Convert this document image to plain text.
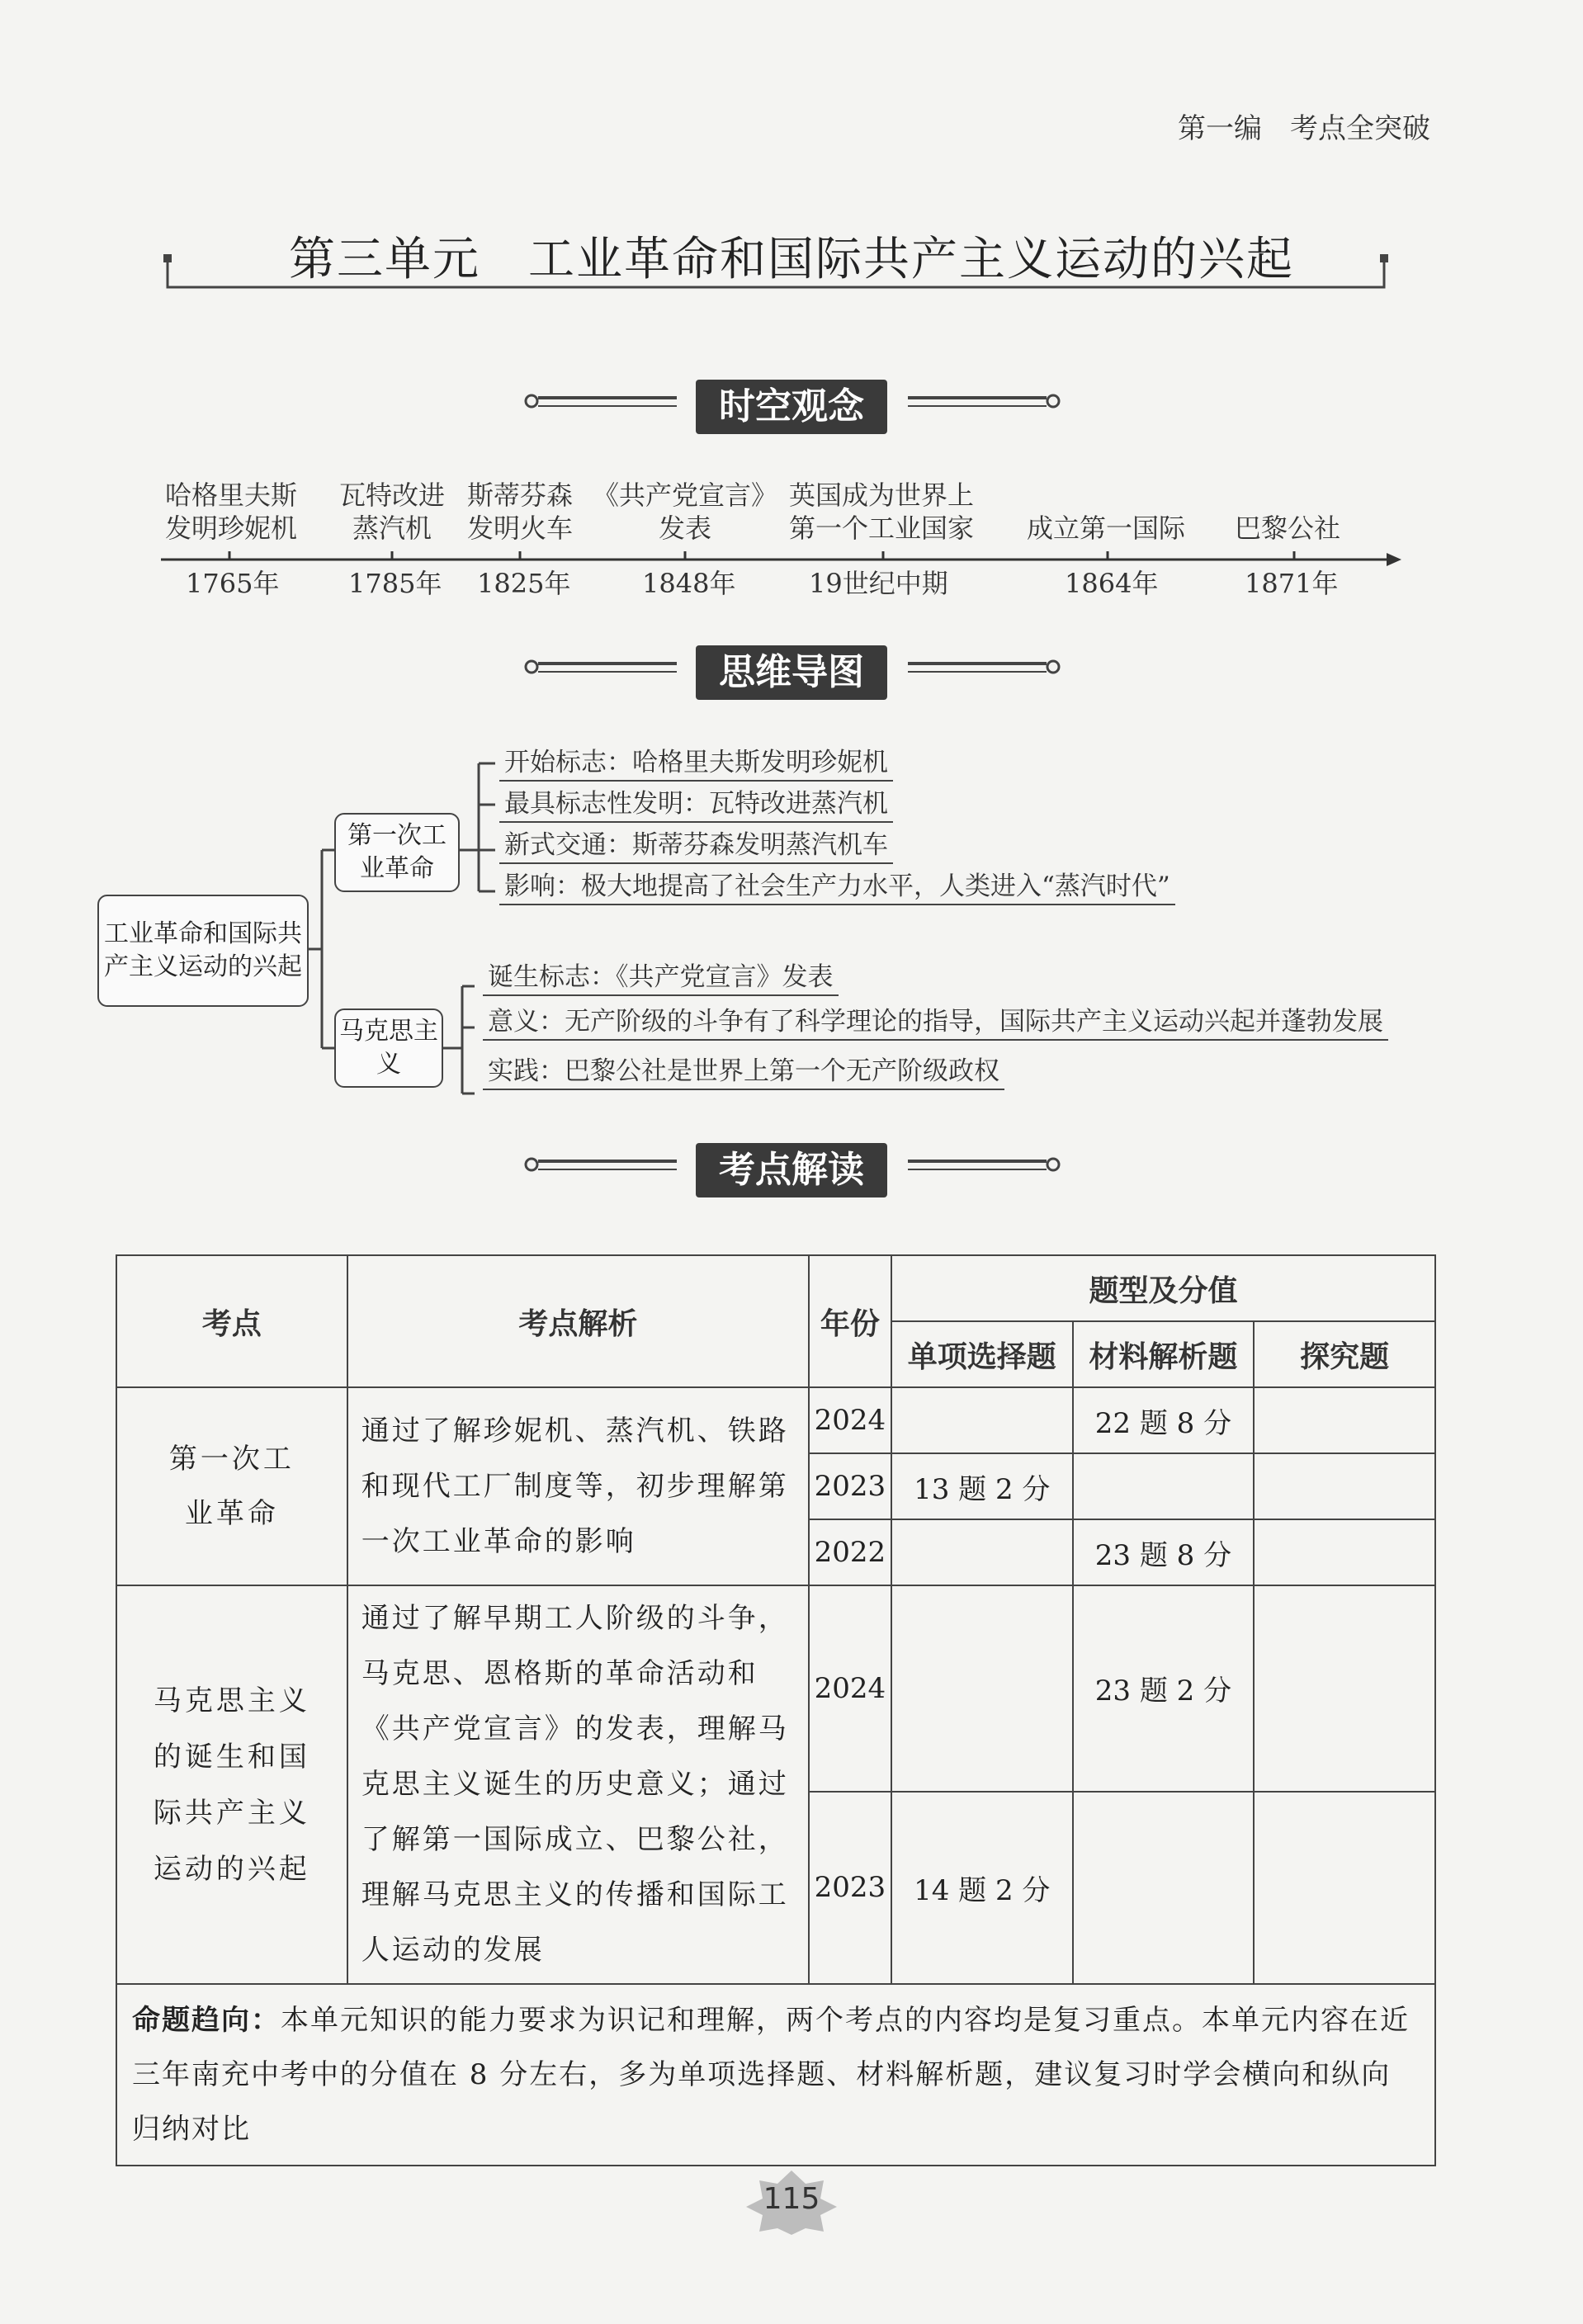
第一编　考点全突破
第三单元　工业革命和国际共产主义运动的兴起
时空观念
哈格里夫斯
发明珍妮机
1765年
瓦特改进
蒸汽机
1785年
斯蒂芬森
发明火车
1825年
《共产党宣言》
发表
1848年
英国成为世界上
第一个工业国家
19世纪中期
成立第一国际
1864年
巴黎公社
1871年
思维导图
工业革命和国际共产主义运动的兴起
第一次工业革命
开始标志：哈格里夫斯发明珍妮机
最具标志性发明：瓦特改进蒸汽机
新式交通：斯蒂芬森发明蒸汽机车
影响：极大地提高了社会生产力水平，人类进入“蒸汽时代”
马克思主义
诞生标志：《共产党宣言》发表
意义：无产阶级的斗争有了科学理论的指导，国际共产主义运动兴起并蓬勃发展
实践：巴黎公社是世界上第一个无产阶级政权
考点解读
考点	考点解析	年份	题型及分值		
			单项选择题	材料解析题	探究题
第一次工业革命	通过了解珍妮机、蒸汽机、铁路和现代工厂制度等，初步理解第一次工业革命的影响	2024		22 题 8 分	
		2023	13 题 2 分		
		2022		23 题 8 分	
马克思主义的诞生和国际共产主义运动的兴起	通过了解早期工人阶级的斗争，马克思、恩格斯的革命活动和《共产党宣言》的发表，理解马克思主义诞生的历史意义；通过了解第一国际成立、巴黎公社，理解马克思主义的传播和国际工人运动的发展	2024		23 题 2 分	
		2023	14 题 2 分		
命题趋向：本单元知识的能力要求为识记和理解，两个考点的内容均是复习重点。本单元内容在近三年南充中考中的分值在 8 分左右，多为单项选择题、材料解析题，建议复习时学会横向和纵向归纳对比					
115
